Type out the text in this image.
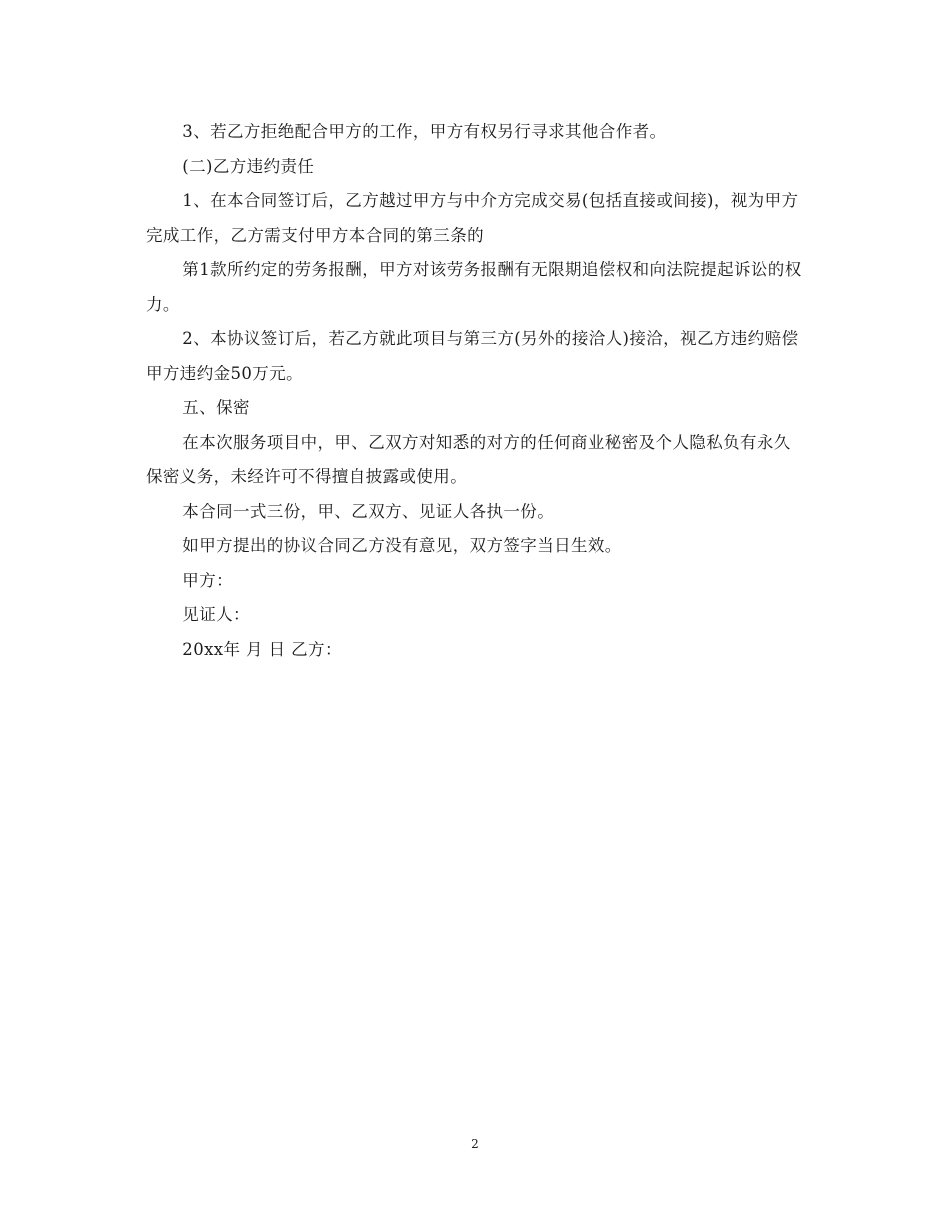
3、若乙方拒绝配合甲方的工作，甲方有权另行寻求其他合作者。

(二)乙方违约责任

1、在本合同签订后，乙方越过甲方与中介方完成交易(包括直接或间接)，视为甲方完成工作，乙方需支付甲方本合同的第三条的

第1款所约定的劳务报酬，甲方对该劳务报酬有无限期追偿权和向法院提起诉讼的权力。

2、本协议签订后，若乙方就此项目与第三方(另外的接洽人)接洽，视乙方违约赔偿甲方违约金50万元。

五、保密

在本次服务项目中，甲、乙双方对知悉的对方的任何商业秘密及个人隐私负有永久保密义务，未经许可不得擅自披露或使用。

本合同一式三份，甲、乙双方、见证人各执一份。

如甲方提出的协议合同乙方没有意见，双方签字当日生效。

甲方：

见证人：

20xx年 月 日 乙方：

2
